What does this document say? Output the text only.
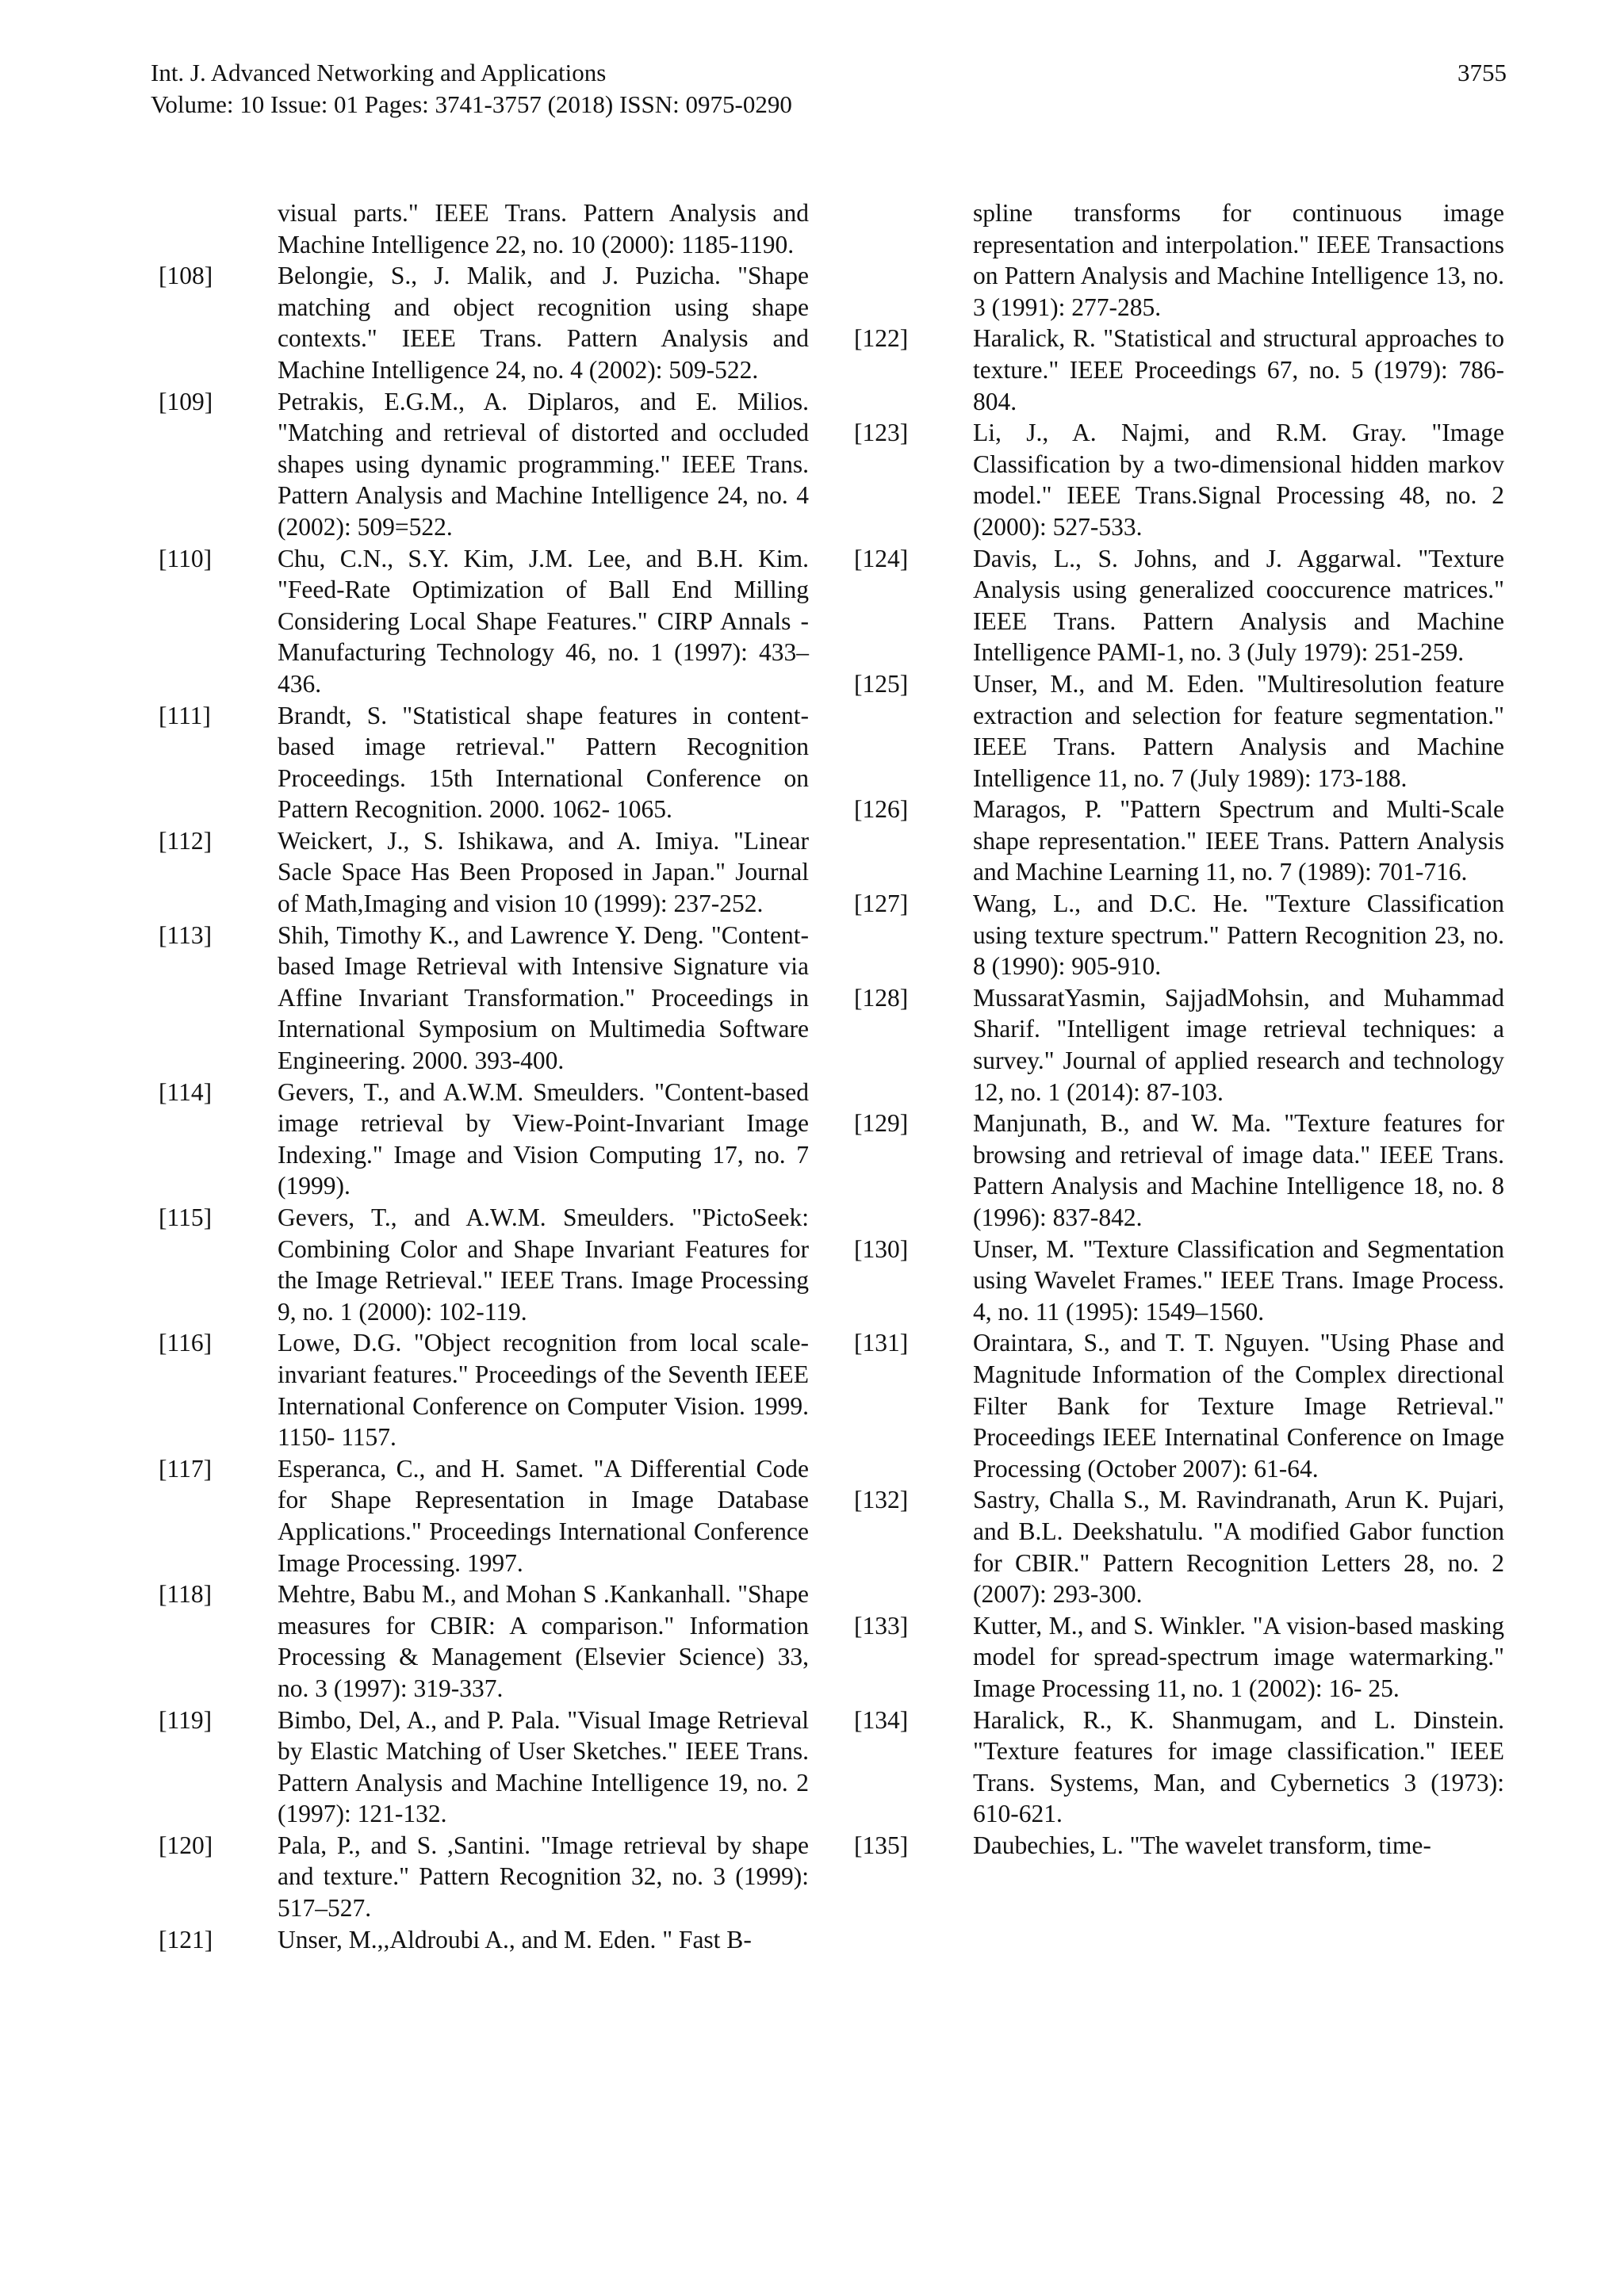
Int. J. Advanced Networking and Applications
Volume: 10 Issue: 01 Pages: 3741-3757 (2018) ISSN: 0975-0290
3755
visual parts." IEEE Trans. Pattern Analysis and Machine Intelligence 22, no. 10 (2000): 1185-1190.
[108]	Belongie, S., J. Malik, and J. Puzicha. "Shape matching and object recognition using shape contexts." IEEE Trans. Pattern Analysis and Machine Intelligence 24, no. 4 (2002): 509-522.
[109]	Petrakis, E.G.M., A. Diplaros, and E. Milios. "Matching and retrieval of distorted and occluded shapes using dynamic programming." IEEE Trans. Pattern Analysis and Machine Intelligence 24, no. 4 (2002): 509=522.
[110]	Chu, C.N., S.Y. Kim, J.M. Lee, and B.H. Kim. "Feed-Rate Optimization of Ball End Milling Considering Local Shape Features." CIRP Annals - Manufacturing Technology 46, no. 1 (1997): 433–436.
[111]	Brandt, S. "Statistical shape features in content-based image retrieval." Pattern Recognition Proceedings. 15th International Conference on Pattern Recognition. 2000. 1062- 1065.
[112]	Weickert, J., S. Ishikawa, and A. Imiya. "Linear Sacle Space Has Been Proposed in Japan." Journal of Math,Imaging and vision 10 (1999): 237-252.
[113]	Shih, Timothy K., and Lawrence Y. Deng. "Content-based Image Retrieval with Intensive Signature via Affine Invariant Transformation." Proceedings in International Symposium on Multimedia Software Engineering. 2000. 393-400.
[114]	Gevers, T., and A.W.M. Smeulders. "Content-based image retrieval by View-Point-Invariant Image Indexing." Image and Vision Computing 17, no. 7 (1999).
[115]	Gevers, T., and A.W.M. Smeulders. "PictoSeek: Combining Color and Shape Invariant Features for the Image Retrieval." IEEE Trans. Image Processing 9, no. 1 (2000): 102-119.
[116]	Lowe, D.G. "Object recognition from local scale-invariant features." Proceedings of the Seventh IEEE International Conference on Computer Vision. 1999. 1150- 1157.
[117]	Esperanca, C., and H. Samet. "A Differential Code for Shape Representation in Image Database Applications." Proceedings International Conference Image Processing. 1997.
[118]	Mehtre, Babu M., and Mohan S .Kankanhall. "Shape measures for CBIR: A comparison." Information Processing & Management (Elsevier Science) 33, no. 3 (1997): 319-337.
[119]	Bimbo, Del, A., and P. Pala. "Visual Image Retrieval by Elastic Matching of User Sketches." IEEE Trans. Pattern Analysis and Machine Intelligence 19, no. 2 (1997): 121-132.
[120]	Pala, P., and S. ,Santini. "Image retrieval by shape and texture." Pattern Recognition 32, no. 3 (1999): 517–527.
[121]	Unser, M.,,Aldroubi A., and M. Eden. " Fast B-
spline transforms for continuous image representation and interpolation." IEEE Transactions on Pattern Analysis and Machine Intelligence 13, no. 3 (1991): 277-285.
[122]	Haralick, R. "Statistical and structural approaches to texture." IEEE Proceedings 67, no. 5 (1979): 786-804.
[123]	Li, J., A. Najmi, and R.M. Gray. "Image Classification by a two-dimensional hidden markov model." IEEE Trans.Signal Processing 48, no. 2 (2000): 527-533.
[124]	Davis, L., S. Johns, and J. Aggarwal. "Texture Analysis using generalized cooccurence matrices." IEEE Trans. Pattern Analysis and Machine Intelligence PAMI-1, no. 3 (July 1979): 251-259.
[125]	Unser, M., and M. Eden. "Multiresolution feature extraction and selection for feature segmentation." IEEE Trans. Pattern Analysis and Machine Intelligence 11, no. 7 (July 1989): 173-188.
[126]	Maragos, P. "Pattern Spectrum and Multi-Scale shape representation." IEEE Trans. Pattern Analysis and Machine Learning 11, no. 7 (1989): 701-716.
[127]	Wang, L., and D.C. He. "Texture Classification using texture spectrum." Pattern Recognition 23, no. 8 (1990): 905-910.
[128]	MussaratYasmin, SajjadMohsin, and Muhammad Sharif. "Intelligent image retrieval techniques: a survey." Journal of applied research and technology 12, no. 1 (2014): 87-103.
[129]	Manjunath, B., and W. Ma. "Texture features for browsing and retrieval of image data." IEEE Trans. Pattern Analysis and Machine Intelligence 18, no. 8 (1996): 837-842.
[130]	Unser, M. "Texture Classification and Segmentation using Wavelet Frames." IEEE Trans. Image Process. 4, no. 11 (1995): 1549–1560.
[131]	Oraintara, S., and T. T. Nguyen. "Using Phase and Magnitude Information of the Complex directional Filter Bank for Texture Image Retrieval." Proceedings IEEE Internatinal Conference on Image Processing (October 2007): 61-64.
[132]	Sastry, Challa S., M. Ravindranath, Arun K. Pujari, and B.L. Deekshatulu. "A modified Gabor function for CBIR." Pattern Recognition Letters 28, no. 2 (2007): 293-300.
[133]	Kutter, M., and S. Winkler. "A vision-based masking model for spread-spectrum image watermarking." Image Processing 11, no. 1 (2002): 16- 25.
[134]	Haralick, R., K. Shanmugam, and L. Dinstein. "Texture features for image classification." IEEE Trans. Systems, Man, and Cybernetics 3 (1973): 610-621.
[135]	Daubechies, L. "The wavelet transform, time-
